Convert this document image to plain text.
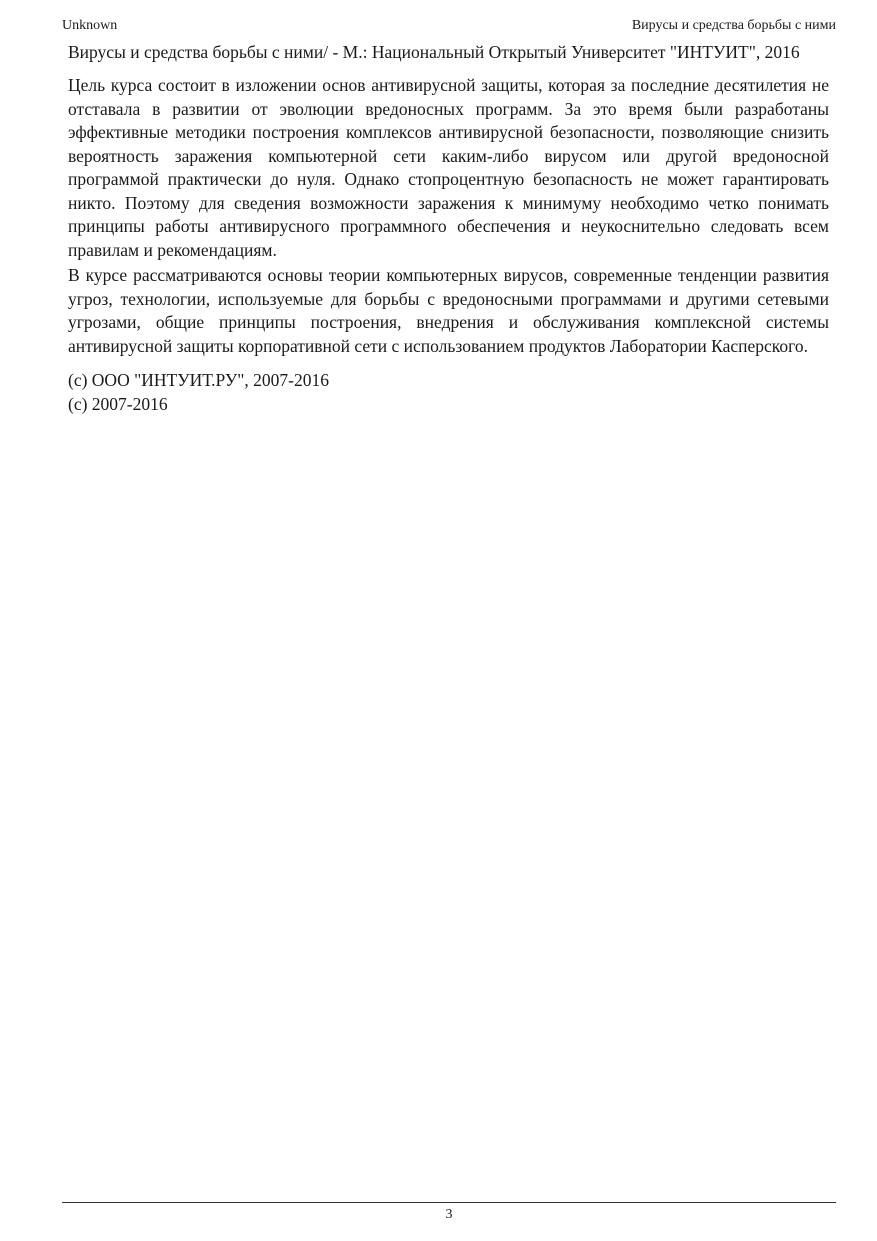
Unknown	Вирусы и средства борьбы с ними

Вирусы и средства борьбы с ними/ - М.: Национальный Открытый Университет "ИНТУИТ", 2016

Цель курса состоит в изложении основ антивирусной защиты, которая за последние десятилетия не отставала в развитии от эволюции вредоносных программ. За это время были разработаны эффективные методики построения комплексов антивирусной безопасности, позволяющие снизить вероятность заражения компьютерной сети каким-либо вирусом или другой вредоносной программой практически до нуля. Однако стопроцентную безопасность не может гарантировать никто. Поэтому для сведения возможности заражения к минимуму необходимо четко понимать принципы работы антивирусного программного обеспечения и неукоснительно следовать всем правилам и рекомендациям.

В курсе рассматриваются основы теории компьютерных вирусов, современные тенденции развития угроз, технологии, используемые для борьбы с вредоносными программами и другими сетевыми угрозами, общие принципы построения, внедрения и обслуживания комплексной системы антивирусной защиты корпоративной сети с использованием продуктов Лаборатории Касперского.

(c) ООО "ИНТУИТ.РУ", 2007-2016
(c) 2007-2016
3
